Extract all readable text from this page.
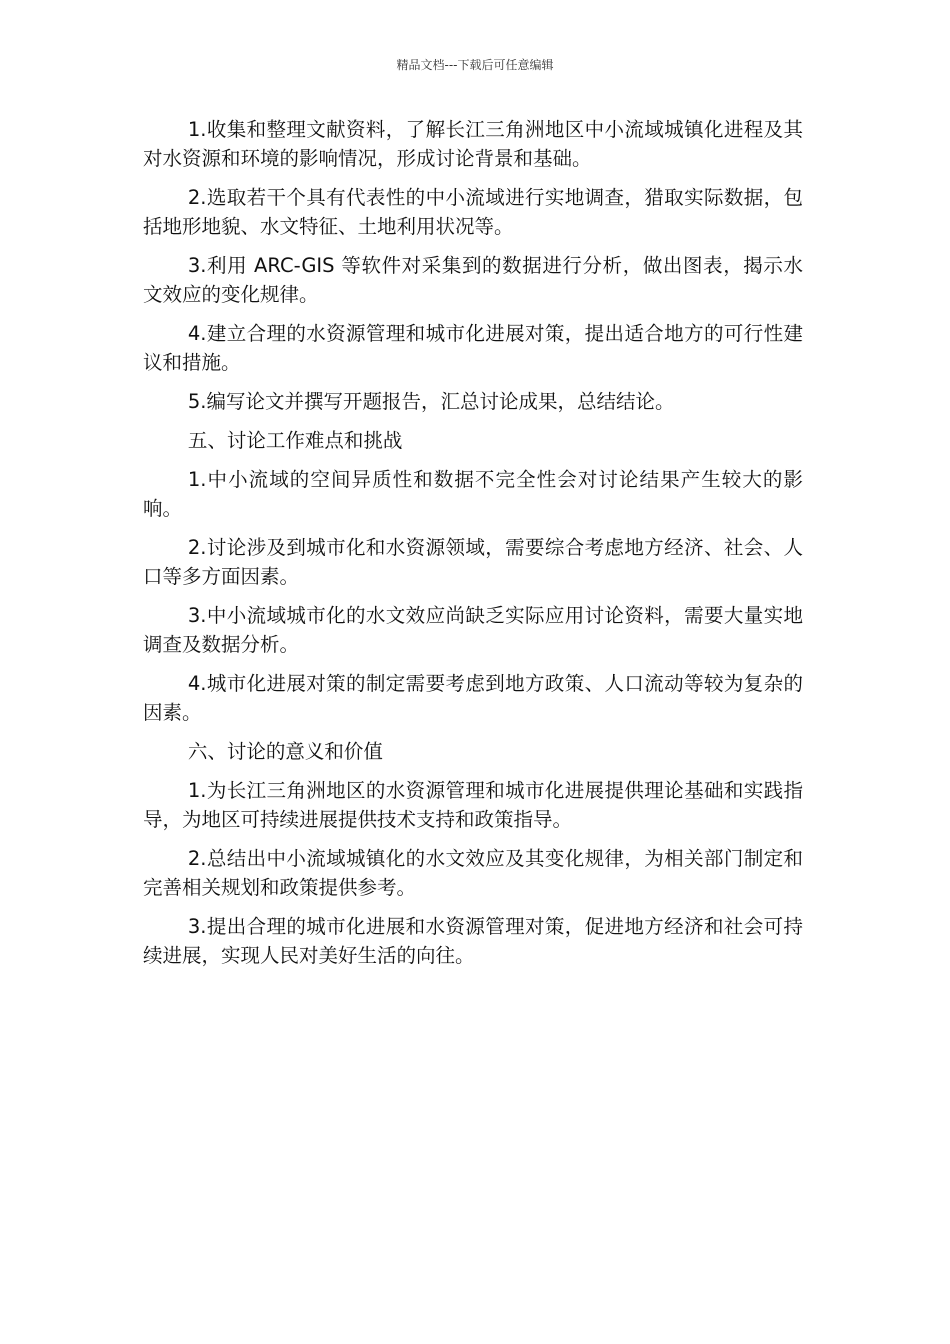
精品文档---下载后可任意编辑

1.收集和整理文献资料，了解长江三角洲地区中小流域城镇化进程及其对水资源和环境的影响情况，形成讨论背景和基础。

2.选取若干个具有代表性的中小流域进行实地调查，猎取实际数据，包括地形地貌、水文特征、土地利用状况等。

3.利用 ARC-GIS 等软件对采集到的数据进行分析，做出图表，揭示水文效应的变化规律。

4.建立合理的水资源管理和城市化进展对策，提出适合地方的可行性建议和措施。

5.编写论文并撰写开题报告，汇总讨论成果，总结结论。

五、讨论工作难点和挑战

1.中小流域的空间异质性和数据不完全性会对讨论结果产生较大的影响。

2.讨论涉及到城市化和水资源领域，需要综合考虑地方经济、社会、人口等多方面因素。

3.中小流域城市化的水文效应尚缺乏实际应用讨论资料，需要大量实地调查及数据分析。

4.城市化进展对策的制定需要考虑到地方政策、人口流动等较为复杂的因素。

六、讨论的意义和价值

1.为长江三角洲地区的水资源管理和城市化进展提供理论基础和实践指导，为地区可持续进展提供技术支持和政策指导。

2.总结出中小流域城镇化的水文效应及其变化规律，为相关部门制定和完善相关规划和政策提供参考。

3.提出合理的城市化进展和水资源管理对策，促进地方经济和社会可持续进展，实现人民对美好生活的向往。
